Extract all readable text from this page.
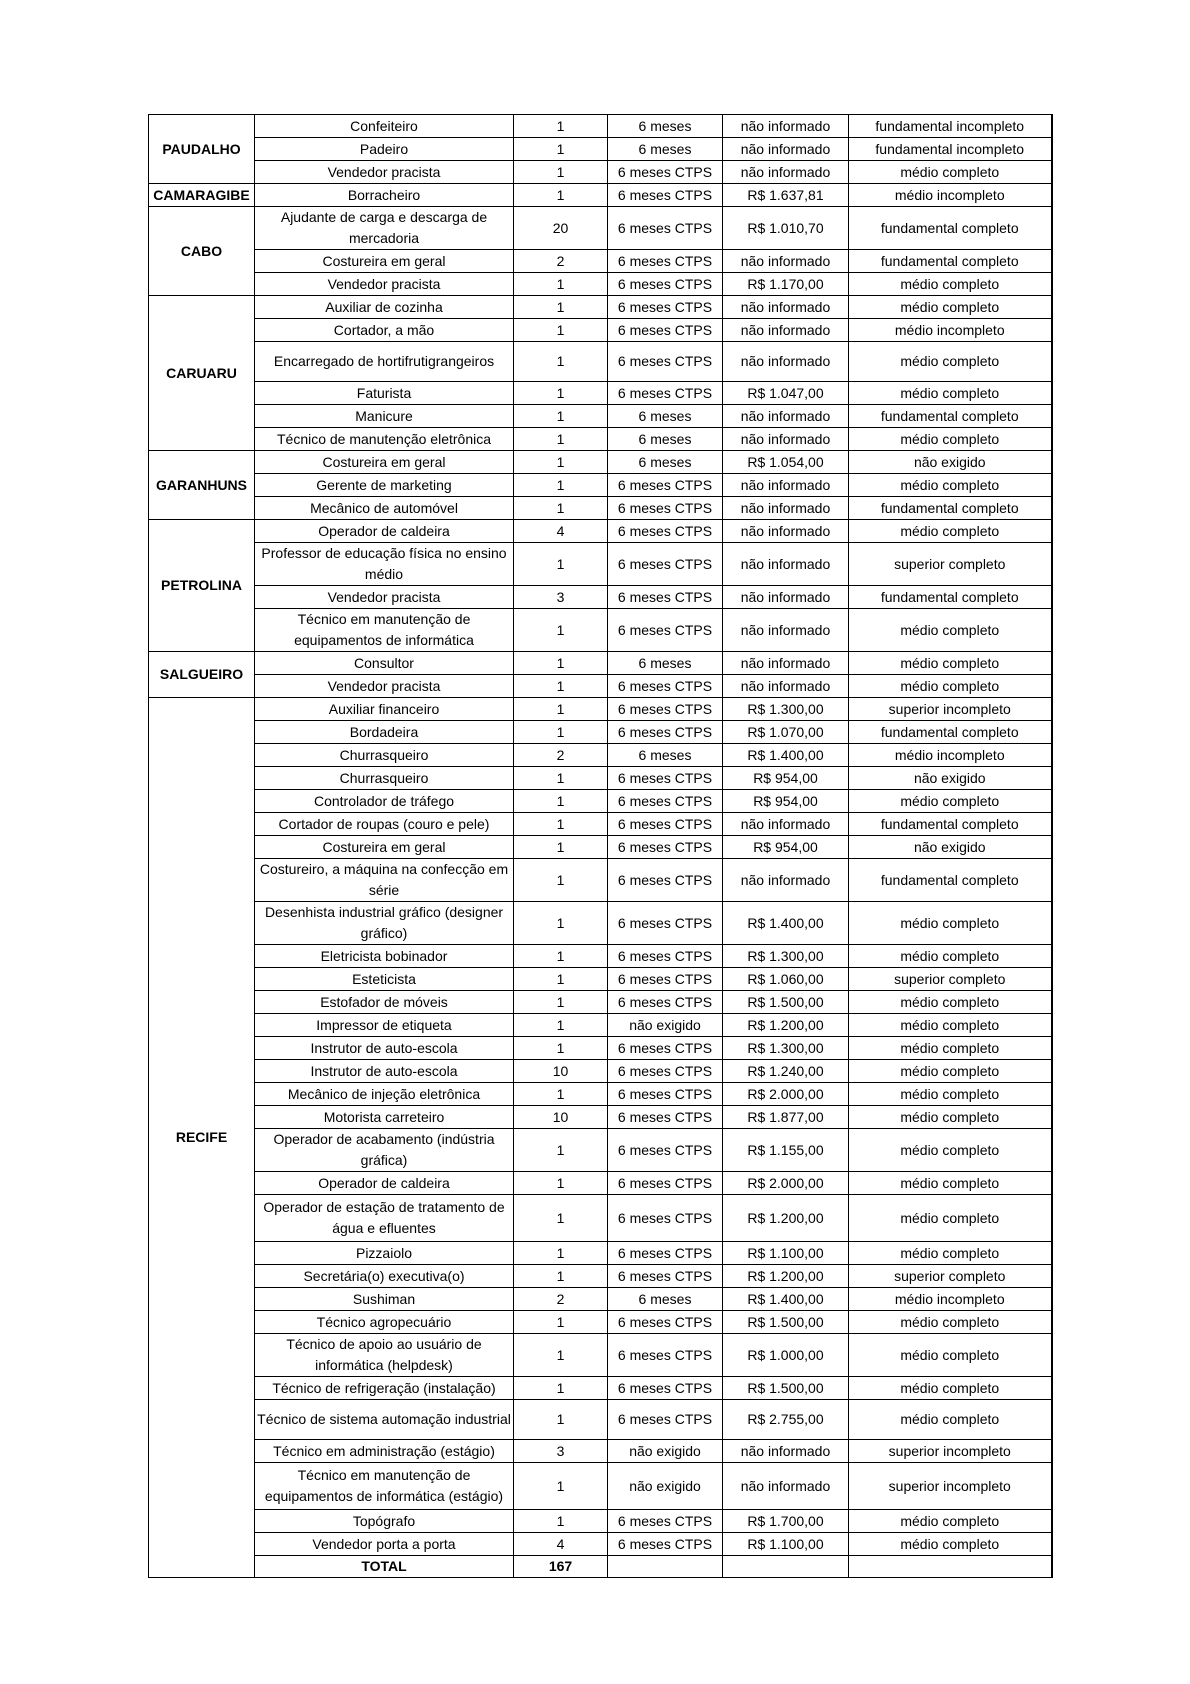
PAUDALHO	Confeiteiro	1	6 meses	não informado	fundamental incompleto
	Padeiro	1	6 meses	não informado	fundamental incompleto
	Vendedor pracista	1	6 meses CTPS	não informado	médio completo
CAMARAGIBE	Borracheiro	1	6 meses CTPS	R$ 1.637,81	médio incompleto
CABO	Ajudante de carga e descarga de mercadoria	20	6 meses CTPS	R$ 1.010,70	fundamental completo
	Costureira em geral	2	6 meses CTPS	não informado	fundamental completo
	Vendedor pracista	1	6 meses CTPS	R$ 1.170,00	médio completo
CARUARU	Auxiliar de cozinha	1	6 meses CTPS	não informado	médio completo
	Cortador, a mão	1	6 meses CTPS	não informado	médio incompleto
	Encarregado de hortifrutigrangeiros	1	6 meses CTPS	não informado	médio completo
	Faturista	1	6 meses CTPS	R$ 1.047,00	médio completo
	Manicure	1	6 meses	não informado	fundamental completo
	Técnico de manutenção eletrônica	1	6 meses	não informado	médio completo
GARANHUNS	Costureira em geral	1	6 meses	R$ 1.054,00	não exigido
	Gerente de marketing	1	6 meses CTPS	não informado	médio completo
	Mecânico de automóvel	1	6 meses CTPS	não informado	fundamental completo
PETROLINA	Operador de caldeira	4	6 meses CTPS	não informado	médio completo
	Professor de educação física no ensino médio	1	6 meses CTPS	não informado	superior completo
	Vendedor pracista	3	6 meses CTPS	não informado	fundamental completo
	Técnico em manutenção de equipamentos de informática	1	6 meses CTPS	não informado	médio completo
SALGUEIRO	Consultor	1	6 meses	não informado	médio completo
	Vendedor pracista	1	6 meses CTPS	não informado	médio completo
RECIFE	Auxiliar financeiro	1	6 meses CTPS	R$ 1.300,00	superior incompleto
	Bordadeira	1	6 meses CTPS	R$ 1.070,00	fundamental completo
	Churrasqueiro	2	6 meses	R$ 1.400,00	médio incompleto
	Churrasqueiro	1	6 meses CTPS	R$ 954,00	não exigido
	Controlador de tráfego	1	6 meses CTPS	R$ 954,00	médio completo
	Cortador de roupas (couro e pele)	1	6 meses CTPS	não informado	fundamental completo
	Costureira em geral	1	6 meses CTPS	R$ 954,00	não exigido
	Costureiro, a máquina na confecção em série	1	6 meses CTPS	não informado	fundamental completo
	Desenhista industrial gráfico (designer gráfico)	1	6 meses CTPS	R$ 1.400,00	médio completo
	Eletricista bobinador	1	6 meses CTPS	R$ 1.300,00	médio completo
	Esteticista	1	6 meses CTPS	R$ 1.060,00	superior completo
	Estofador de móveis	1	6 meses CTPS	R$ 1.500,00	médio completo
	Impressor de etiqueta	1	não exigido	R$ 1.200,00	médio completo
	Instrutor de auto-escola	1	6 meses CTPS	R$ 1.300,00	médio completo
	Instrutor de auto-escola	10	6 meses CTPS	R$ 1.240,00	médio completo
	Mecânico de injeção eletrônica	1	6 meses CTPS	R$ 2.000,00	médio completo
	Motorista carreteiro	10	6 meses CTPS	R$ 1.877,00	médio completo
	Operador de acabamento (indústria gráfica)	1	6 meses CTPS	R$ 1.155,00	médio completo
	Operador de caldeira	1	6 meses CTPS	R$ 2.000,00	médio completo
	Operador de estação de tratamento de água e efluentes	1	6 meses CTPS	R$ 1.200,00	médio completo
	Pizzaiolo	1	6 meses CTPS	R$ 1.100,00	médio completo
	Secretária(o) executiva(o)	1	6 meses CTPS	R$ 1.200,00	superior completo
	Sushiman	2	6 meses	R$ 1.400,00	médio incompleto
	Técnico agropecuário	1	6 meses CTPS	R$ 1.500,00	médio completo
	Técnico de apoio ao usuário de informática (helpdesk)	1	6 meses CTPS	R$ 1.000,00	médio completo
	Técnico de refrigeração (instalação)	1	6 meses CTPS	R$ 1.500,00	médio completo
	Técnico de sistema automação industrial	1	6 meses CTPS	R$ 2.755,00	médio completo
	Técnico em administração (estágio)	3	não exigido	não informado	superior incompleto
	Técnico em manutenção de equipamentos de informática (estágio)	1	não exigido	não informado	superior incompleto
	Topógrafo	1	6 meses CTPS	R$ 1.700,00	médio completo
	Vendedor porta a porta	4	6 meses CTPS	R$ 1.100,00	médio completo
	TOTAL	167			
